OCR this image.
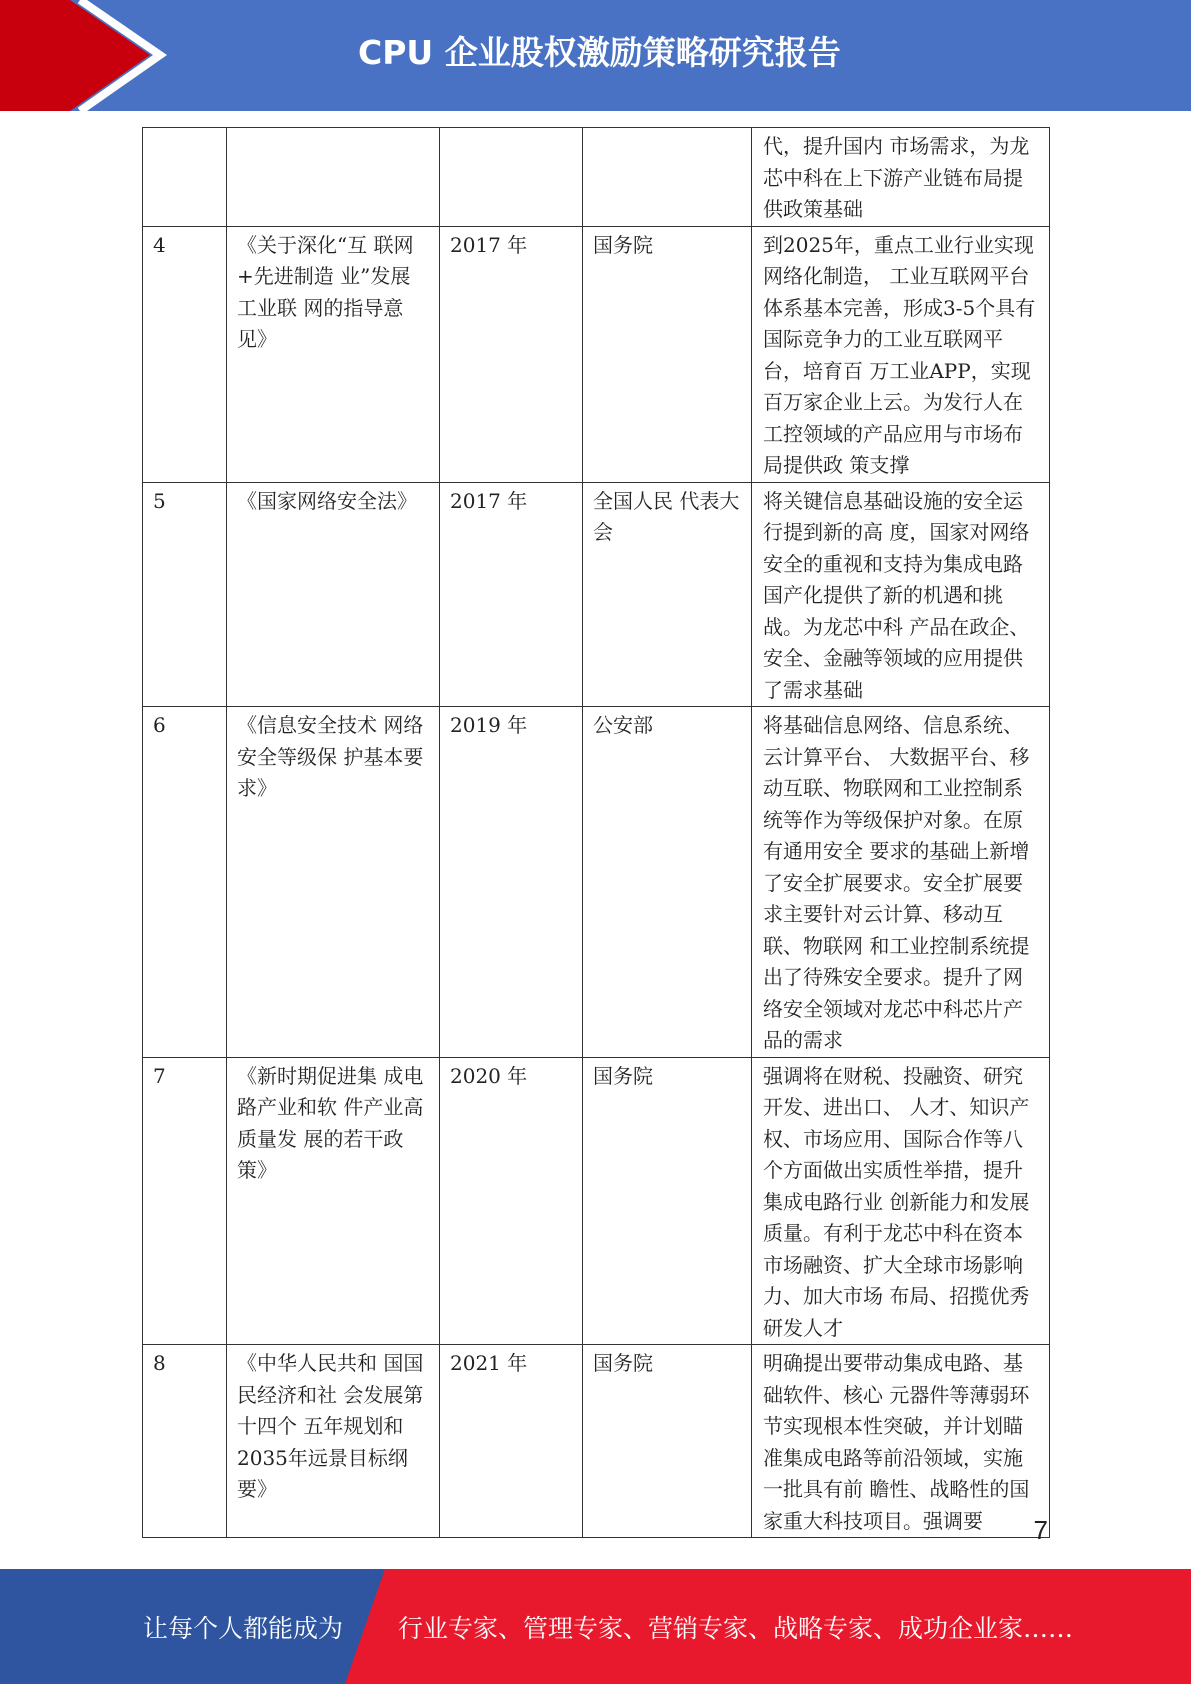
CPU 企业股权激励策略研究报告
				代，提升国内 市场需求，为龙芯中科在上下游产业链布局提 供政策基础
4	《关于深化“互 联网+先进制造 业”发展工业联 网的指导意见》	2017 年	国务院	到2025年，重点工业行业实现网络化制造， 工业互联网平台体系基本完善，形成3-5个具有国际竞争力的工业互联网平台，培育百 万工业APP，实现百万家企业上云。为发行人在工控领域的产品应用与市场布局提供政 策支撑
5	《国家网络安全法》	2017 年	全国人民 代表大会	将关键信息基础设施的安全运行提到新的高 度，国家对网络安全的重视和支持为集成电路国产化提供了新的机遇和挑战。为龙芯中科 产品在政企、安全、金融等领域的应用提供 了需求基础
6	《信息安全技术 网络安全等级保 护基本要求》	2019 年	公安部	将基础信息网络、信息系统、云计算平台、 大数据平台、移动互联、物联网和工业控制系统等作为等级保护对象。在原有通用安全 要求的基础上新增了安全扩展要求。安全扩展要求主要针对云计算、移动互联、物联网 和工业控制系统提出了待殊安全要求。提升了网络安全领域对龙芯中科芯片产品的需求
7	《新时期促进集 成电路产业和软 件产业高质量发 展的若干政策》	2020 年	国务院	强调将在财税、投融资、研究开发、进出口、 人才、知识产权、市场应用、国际合作等八 个方面做出实质性举措，提升集成电路行业 创新能力和发展质量。有利于龙芯中科在资本 市场融资、扩大全球市场影响力、加大市场 布局、招揽优秀研发人才
8	《中华人民共和 国国民经济和社 会发展第十四个 五年规划和2035年远景目标纲要》	2021 年	国务院	明确提出要带动集成电路、基础软件、核心 元器件等薄弱环节实现根本性突破，并计划瞄准集成电路等前沿领域，实施一批具有前 瞻性、战略性的国家重大科技项目。强调要	7
让每个人都能成为 行业专家、管理专家、营销专家、战略专家、成功企业家……
